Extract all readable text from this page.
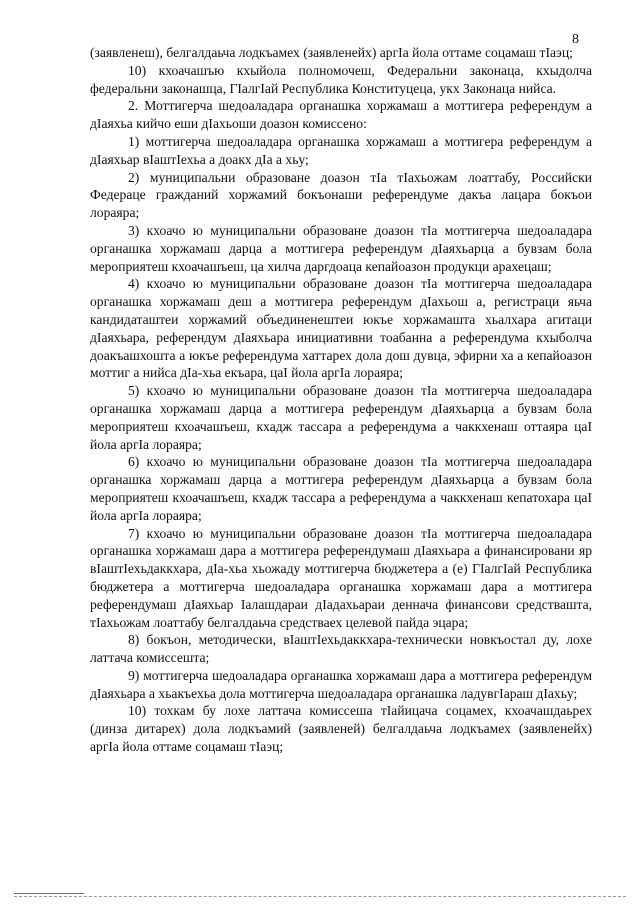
8

(заявленеш), белгалдаьча лодкъамех (заявленейх) аргӀа йола оттаме соцамаш тӀаэц;

10) кхоачашъю кхыйола полномочеш, Федеральни законаца, кхыдолча федеральни законашца, ГӀалгӀай Республика Конституцеца, укх Законаца нийса.

2. Моттигерча шедоаладара органашка хоржамаш а моттигера референдум а дӀаяхьа кийчо еши дӀахьоши доазон комиссено:

1) моттигерча шедоаладара органашка хоржамаш а моттигера референдум а дӀаяхьар вӀаштӀехьа а доакх дӀа а хьу;

2) муниципальни образоване доазон тӀа тӀахьожам лоаттабу, Российски Федераце гражданий хоржамий бокъонаши референдуме дакъа лацара бокъои лораяра;

3) кхоачо ю муниципальни образоване доазон тӀа моттигерча шедоаладара органашка хоржамаш дарца а моттигера референдум дӀаяхьарца а бувзам бола мероприятеш кхоачашъеш, ца хилча даргдоаца кепайоазон продукци арахецаш;

4) кхоачо ю муниципальни образоване доазон тӀа моттигерча шедоаладара органашка хоржамаш деш а моттигера референдум дӀахьош а, регистраци яьча кандидаташтеи хоржамий объединенештеи юкъе хоржамашта хьалхара агитаци дӀаяхьара, референдум дӀаяхьара инициативни тоабанна а референдума кхыболча доакъашхошта а юкъе референдума хаттарех дола дош дувца, эфирни ха а кепайоазон моттиг а нийса дӀа-хьа екъара, цаӀ йола аргӀа лораяра;

5) кхоачо ю муниципальни образоване доазон тӀа моттигерча шедоаладара органашка хоржамаш дарца а моттигера референдум дӀаяхьарца а бувзам бола мероприятеш кхоачашъеш, кхадж тассара а референдума а чаккхенаш оттаяра цаӀ йола аргӀа лораяра;

6) кхоачо ю муниципальни образоване доазон тӀа моттигерча шедоаладара органашка хоржамаш дарца а моттигера референдум дӀаяхьарца а бувзам бола мероприятеш кхоачашъеш, кхадж тассара а референдума а чаккхенаш кепатохара цаӀ йола аргӀа лораяра;

7) кхоачо ю муниципальни образоване доазон тӀа моттигерча шедоаладара органашка хоржамаш дара а моттигера референдумаш дӀаяхьара а финансировани яр вӀаштӀехьдаккхара, дӀа-хьа хьожаду моттигерча бюджетера а (е) ГӀалгӀай Республика бюджетера а моттигерча шедоаладара органашка хоржамаш дара а моттигера референдумаш дӀаяхьар Ӏалашдараи дӀадахьараи деннача финансови средствашта, тӀахьожам лоаттабу белгалдаьча средстваех целевой пайда эцара;

8) бокъон, методически, вӀаштӀехьдаккхара-технически новкъостал ду, лохе латтача комиссешта;

9) моттигерча шедоаладара органашка хоржамаш дара а моттигера референдум дӀаяхьара а хьакъехьа дола моттигерча шедоаладара органашка ладувгӀараш дӀахьу;

10) тохкам бу лохе латтача комиссеша тӀайицача соцамех, кхоачашдаьрех (динза дитарех) дола лодкъамий (заявленей) белгалдаьча лодкъамех (заявленейх) аргӀа йола оттаме соцамаш тӀаэц;
